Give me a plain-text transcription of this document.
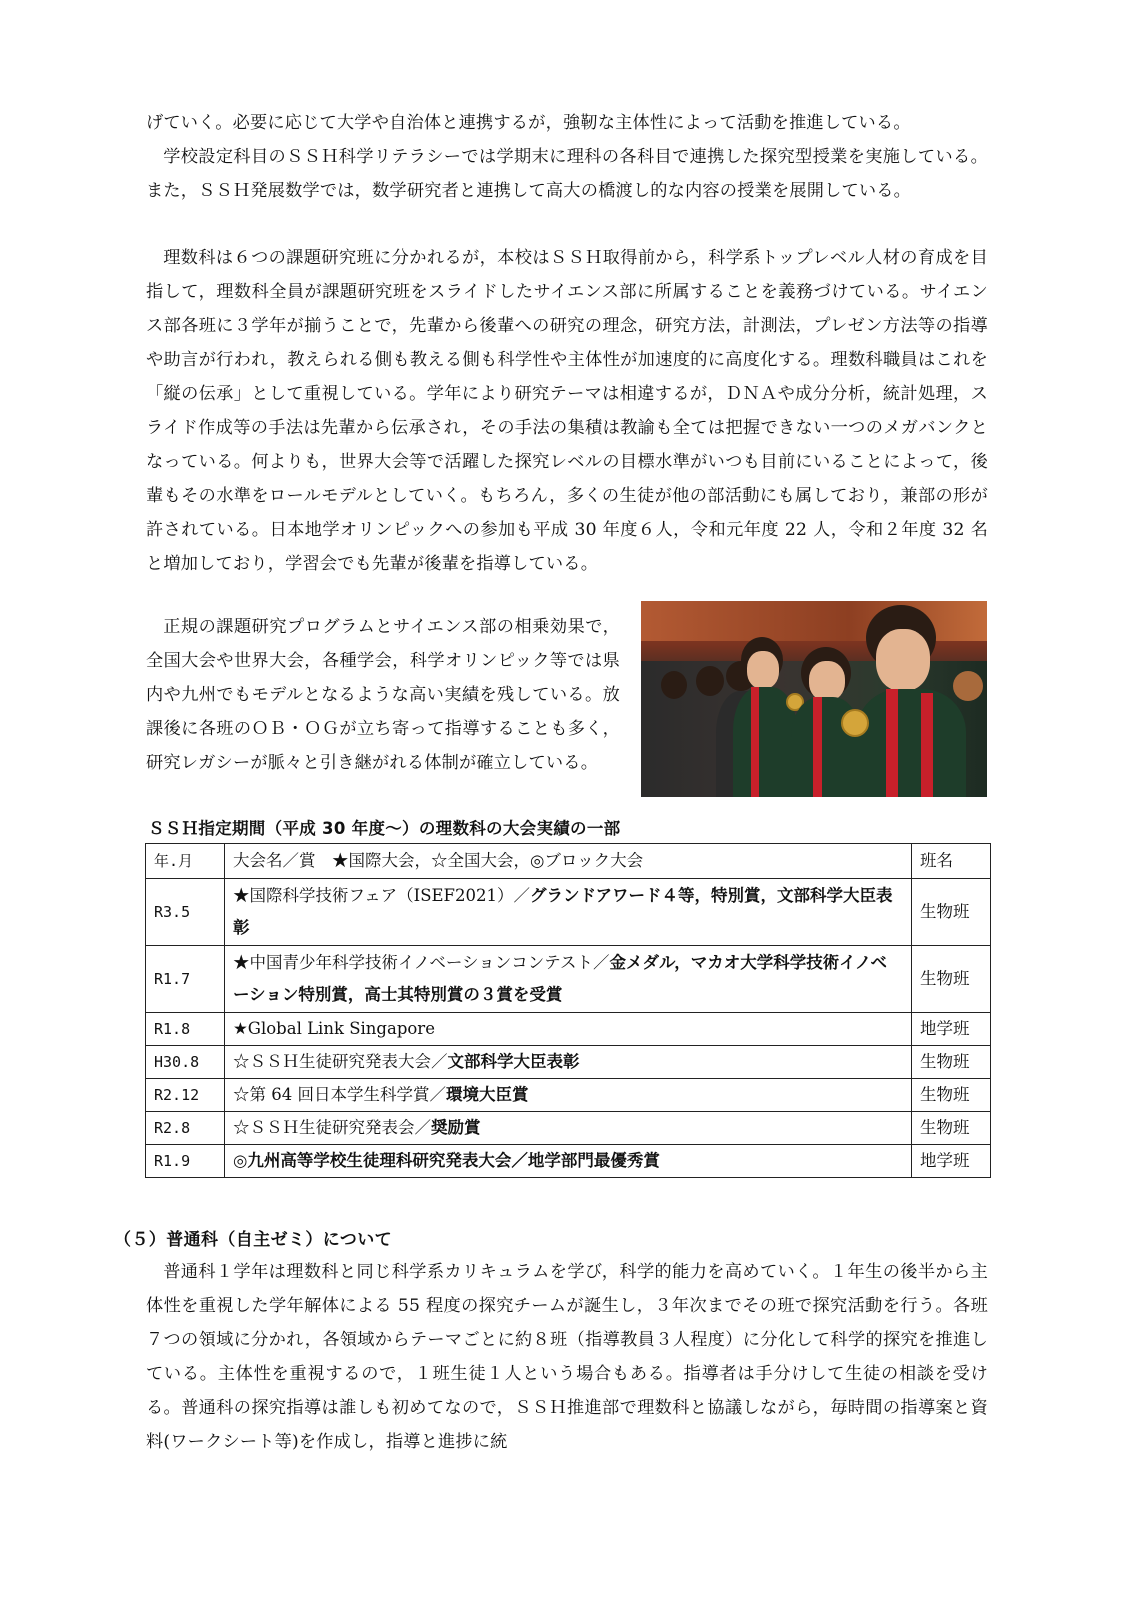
げていく。必要に応じて大学や自治体と連携するが，強靭な主体性によって活動を推進している。

学校設定科目のＳＳＨ科学リテラシーでは学期末に理科の各科目で連携した探究型授業を実施している。また，ＳＳＨ発展数学では，数学研究者と連携して高大の橋渡し的な内容の授業を展開している。

理数科は６つの課題研究班に分かれるが，本校はＳＳＨ取得前から，科学系トップレベル人材の育成を目指して，理数科全員が課題研究班をスライドしたサイエンス部に所属することを義務づけている。サイエンス部各班に３学年が揃うことで，先輩から後輩への研究の理念，研究方法，計測法，プレゼン方法等の指導や助言が行われ，教えられる側も教える側も科学性や主体性が加速度的に高度化する。理数科職員はこれを「縦の伝承」として重視している。学年により研究テーマは相違するが，ＤＮＡや成分分析，統計処理，スライド作成等の手法は先輩から伝承され，その手法の集積は教諭も全ては把握できない一つのメガバンクとなっている。何よりも，世界大会等で活躍した探究レベルの目標水準がいつも目前にいることによって，後輩もその水準をロールモデルとしていく。もちろん，多くの生徒が他の部活動にも属しており，兼部の形が許されている。日本地学オリンピックへの参加も平成 30 年度６人，令和元年度 22 人，令和２年度 32 名と増加しており，学習会でも先輩が後輩を指導している。

正規の課題研究プログラムとサイエンス部の相乗効果で，全国大会や世界大会，各種学会，科学オリンピック等では県内や九州でもモデルとなるような高い実績を残している。放課後に各班のＯＢ・ＯＧが立ち寄って指導することも多く，研究レガシーが脈々と引き継がれる体制が確立している。

ＳＳＨ指定期間（平成 30 年度～）の理数科の大会実績の一部

年.月	大会名／賞　★国際大会，☆全国大会，◎ブロック大会	班名
R3.5	★国際科学技術フェア（ISEF2021）／グランドアワード４等，特別賞，文部科学大臣表彰	生物班
R1.7	★中国青少年科学技術イノベーションコンテスト／金メダル，マカオ大学科学技術イノベーション特別賞，高士其特別賞の３賞を受賞	生物班
R1.8	★Global Link Singapore	地学班
H30.8	☆ＳＳＨ生徒研究発表大会／文部科学大臣表彰	生物班
R2.12	☆第 64 回日本学生科学賞／環境大臣賞	生物班
R2.8	☆ＳＳＨ生徒研究発表会／奨励賞	生物班
R1.9	◎九州高等学校生徒理科研究発表大会／地学部門最優秀賞	地学班

（５）普通科（自主ゼミ）について

普通科１学年は理数科と同じ科学系カリキュラムを学び，科学的能力を高めていく。１年生の後半から主体性を重視した学年解体による 55 程度の探究チームが誕生し，３年次までその班で探究活動を行う。各班７つの領域に分かれ，各領域からテーマごとに約８班（指導教員３人程度）に分化して科学的探究を推進している。主体性を重視するので，１班生徒１人という場合もある。指導者は手分けして生徒の相談を受ける。普通科の探究指導は誰しも初めてなので，ＳＳＨ推進部で理数科と協議しながら，毎時間の指導案と資料(ワークシート等)を作成し，指導と進捗に統
